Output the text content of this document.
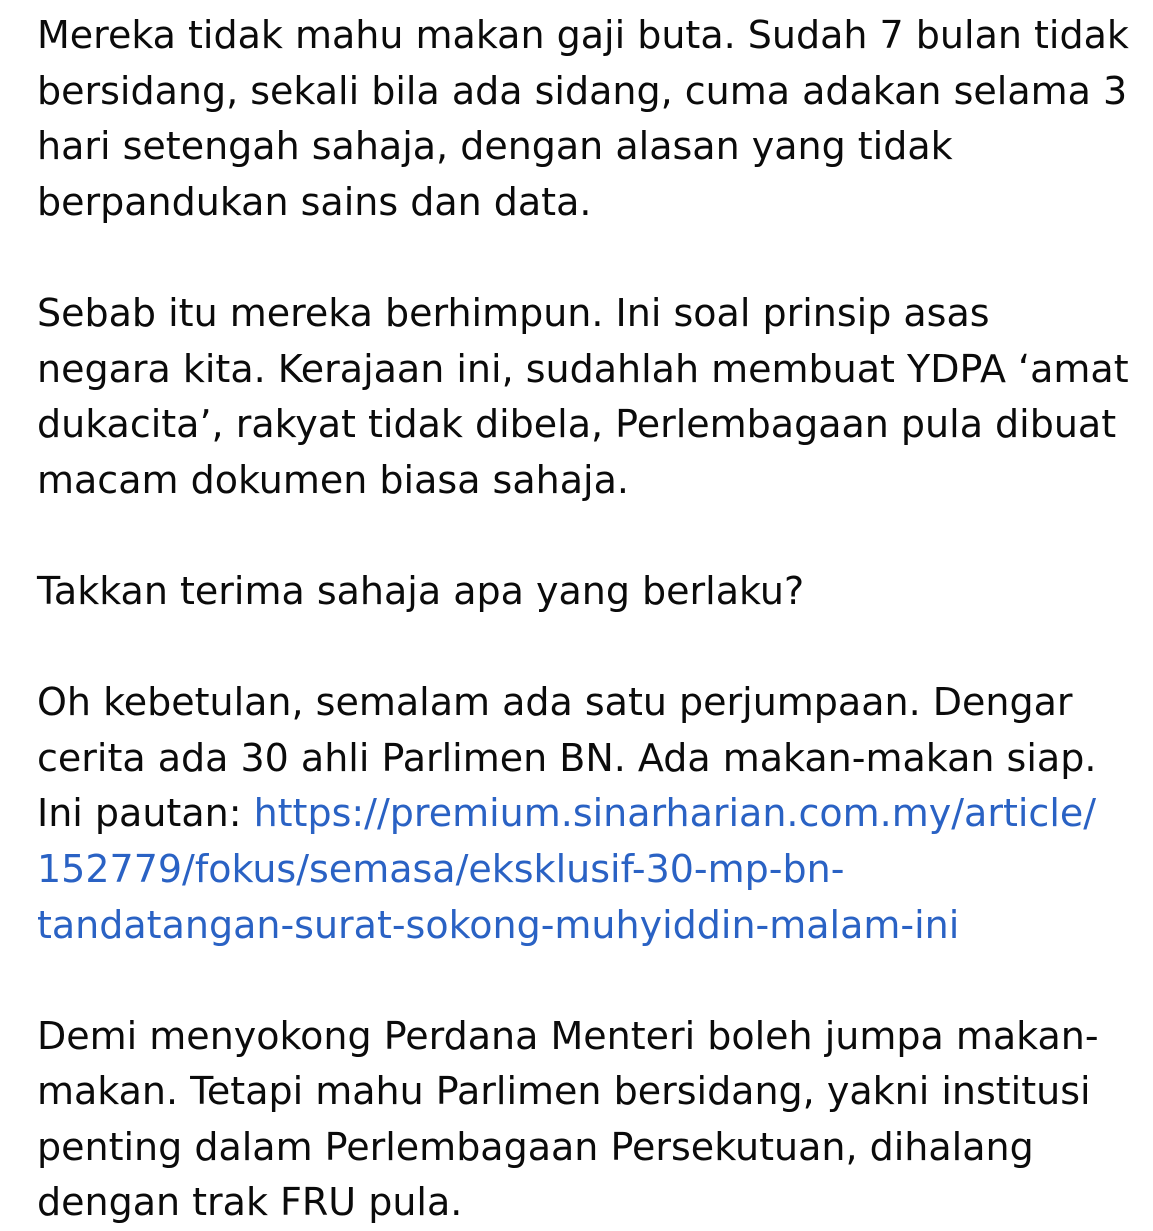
Mereka tidak mahu makan gaji buta. Sudah 7 bulan tidak
bersidang, sekali bila ada sidang, cuma adakan selama 3
hari setengah sahaja, dengan alasan yang tidak
berpandukan sains dan data.

Sebab itu mereka berhimpun. Ini soal prinsip asas
negara kita. Kerajaan ini, sudahlah membuat YDPA ‘amat
dukacita’, rakyat tidak dibela, Perlembagaan pula dibuat
macam dokumen biasa sahaja.

Takkan terima sahaja apa yang berlaku?

Oh kebetulan, semalam ada satu perjumpaan. Dengar
cerita ada 30 ahli Parlimen BN. Ada makan-makan siap.
Ini pautan: https://premium.sinarharian.com.my/article/
152779/fokus/semasa/eksklusif-30-mp-bn-
tandatangan-surat-sokong-muhyiddin-malam-ini

Demi menyokong Perdana Menteri boleh jumpa makan-
makan. Tetapi mahu Parlimen bersidang, yakni institusi
penting dalam Perlembagaan Persekutuan, dihalang
dengan trak FRU pula.
